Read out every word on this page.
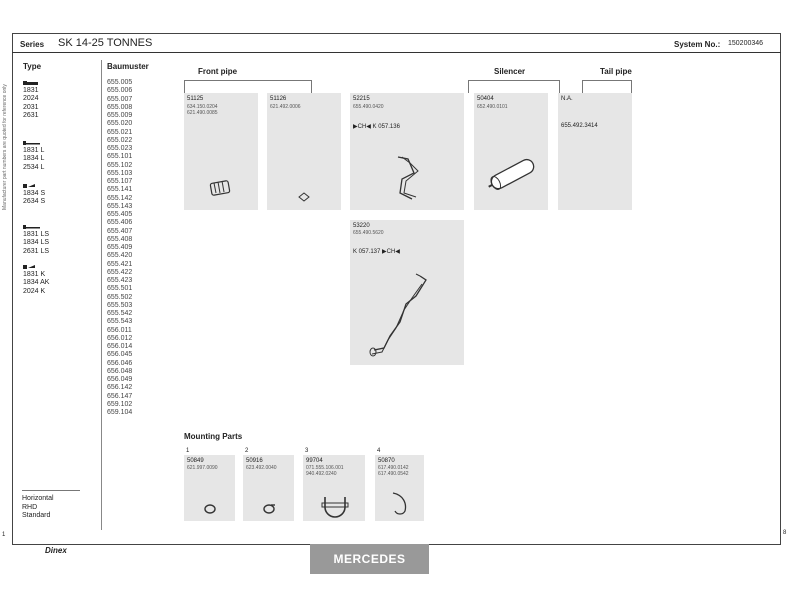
Series SK 14-25 TONNES	System No.: 150200346
Manufacturer part numbers are quoted for reference only
Type	Baumuster
1831
2024
2031
2631
1831 L
1834 L
2534 L
1834 S
2634 S
1831 LS
1834 LS
2631 LS
1831 K
1834 AK
2024 K
655.005
655.006
655.007
655.008
655.009
655.020
655.021
655.022
655.023
655.101
655.102
655.103
655.107
655.141
655.142
655.143
655.405
655.406
655.407
655.408
655.409
655.420
655.421
655.422
655.423
655.501
655.502
655.503
655.542
655.543
656.011
656.012
656.014
656.045
656.046
656.048
656.049
656.142
656.147
659.102
659.104
Horizontal
RHD
Standard
Front pipe	Silencer	Tail pipe
51125
634.150.0204
621.490.0085
51126
621.492.0006
52215
655.490.0420
▶CH◀ K 057.136
50404
652.490.0101
N.A.
655.492.3414
53220
655.490.5620
K 057.137 ▶CH◀
Mounting Parts
1
50849
621.997.0090
2
50916
623.492.0040
3
99704
071.555.106.001
940.492.0240
4
50870
617.490.0142
617.490.0542
1
Dinex
MERCEDES
8
